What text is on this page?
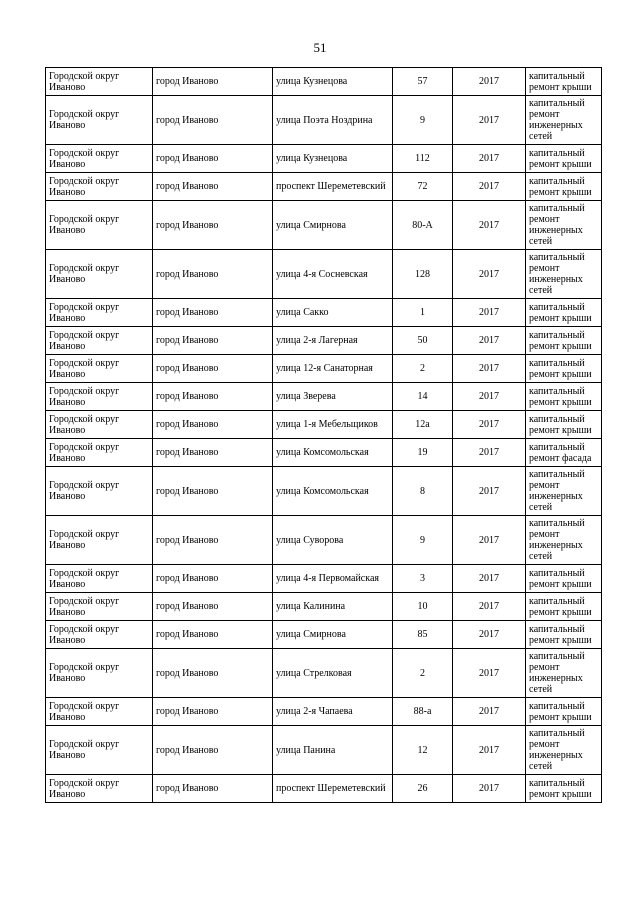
51
Городской округ Иваново	город Иваново	улица Кузнецова	57	2017	капитальный ремонт крыши
Городской округ Иваново	город Иваново	улица Поэта Ноздрина	9	2017	капитальный ремонт инженерных сетей
Городской округ Иваново	город Иваново	улица Кузнецова	112	2017	капитальный ремонт крыши
Городской округ Иваново	город Иваново	проспект Шереметевский	72	2017	капитальный ремонт крыши
Городской округ Иваново	город Иваново	улица Смирнова	80-А	2017	капитальный ремонт инженерных сетей
Городской округ Иваново	город Иваново	улица 4-я Сосневская	128	2017	капитальный ремонт инженерных сетей
Городской округ Иваново	город Иваново	улица Сакко	1	2017	капитальный ремонт крыши
Городской округ Иваново	город Иваново	улица 2-я Лагерная	50	2017	капитальный ремонт крыши
Городской округ Иваново	город Иваново	улица 12-я Санаторная	2	2017	капитальный ремонт крыши
Городской округ Иваново	город Иваново	улица Зверева	14	2017	капитальный ремонт крыши
Городской округ Иваново	город Иваново	улица 1-я Мебельщиков	12а	2017	капитальный ремонт крыши
Городской округ Иваново	город Иваново	улица Комсомольская	19	2017	капитальный ремонт фасада
Городской округ Иваново	город Иваново	улица Комсомольская	8	2017	капитальный ремонт инженерных сетей
Городской округ Иваново	город Иваново	улица Суворова	9	2017	капитальный ремонт инженерных сетей
Городской округ Иваново	город Иваново	улица 4-я Первомайская	3	2017	капитальный ремонт крыши
Городской округ Иваново	город Иваново	улица Калинина	10	2017	капитальный ремонт крыши
Городской округ Иваново	город Иваново	улица Смирнова	85	2017	капитальный ремонт крыши
Городской округ Иваново	город Иваново	улица Стрелковая	2	2017	капитальный ремонт инженерных сетей
Городской округ Иваново	город Иваново	улица 2-я Чапаева	88-а	2017	капитальный ремонт крыши
Городской округ Иваново	город Иваново	улица Панина	12	2017	капитальный ремонт инженерных сетей
Городской округ Иваново	город Иваново	проспект Шереметевский	26	2017	капитальный ремонт крыши
